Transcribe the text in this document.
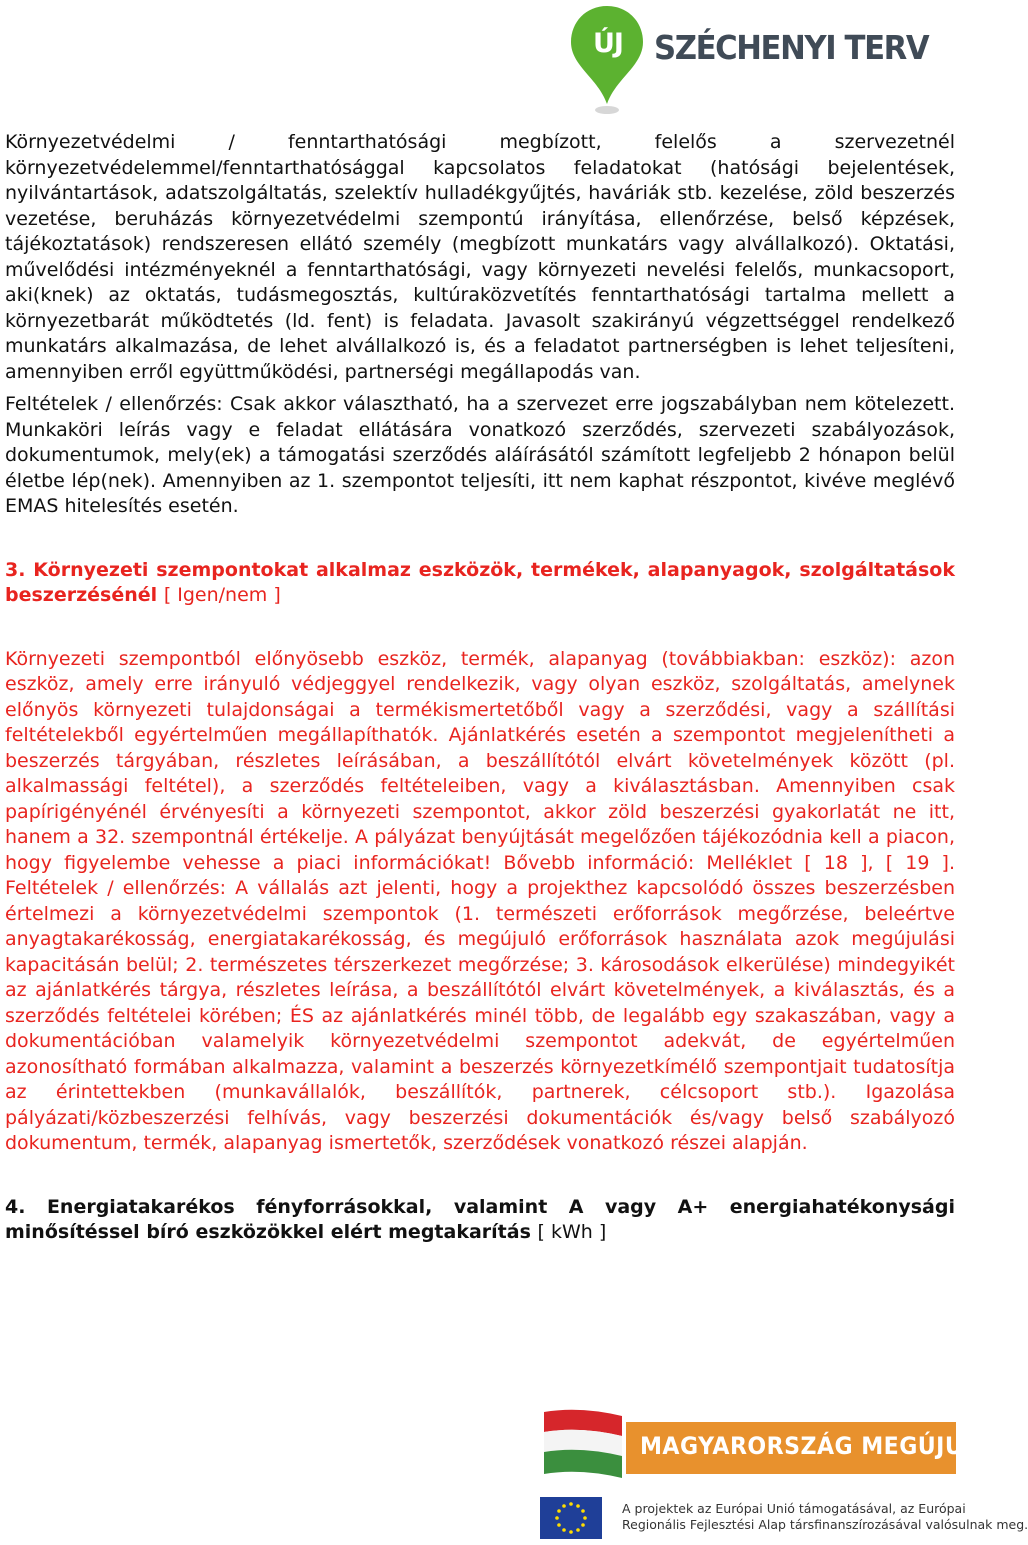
ÚJ SZÉCHENYI TERV

Környezetvédelmi / fenntarthatósági megbízott, felelős a szervezetnél környezetvédelemmel/fenntarthatósággal kapcsolatos feladatokat (hatósági bejelentések, nyilvántartások, adatszolgáltatás, szelektív hulladékgyűjtés, haváriák stb. kezelése, zöld beszerzés vezetése, beruházás környezetvédelmi szempontú irányítása, ellenőrzése, belső képzések, tájékoztatások) rendszeresen ellátó személy (megbízott munkatárs vagy alvállalkozó). Oktatási, művelődési intézményeknél a fenntarthatósági, vagy környezeti nevelési felelős, munkacsoport, aki(knek) az oktatás, tudásmegosztás, kultúraközvetítés fenntarthatósági tartalma mellett a környezetbarát működtetés (ld. fent) is feladata. Javasolt szakirányú végzettséggel rendelkező munkatárs alkalmazása, de lehet alvállalkozó is, és a feladatot partnerségben is lehet teljesíteni, amennyiben erről együttműködési, partnerségi megállapodás van.

Feltételek / ellenőrzés: Csak akkor választható, ha a szervezet erre jogszabályban nem kötelezett. Munkaköri leírás vagy e feladat ellátására vonatkozó szerződés, szervezeti szabályozások, dokumentumok, mely(ek) a támogatási szerződés aláírásától számított legfeljebb 2 hónapon belül életbe lép(nek). Amennyiben az 1. szempontot teljesíti, itt nem kaphat részpontot, kivéve meglévő EMAS hitelesítés esetén.

3. Környezeti szempontokat alkalmaz eszközök, termékek, alapanyagok, szolgáltatások beszerzésénél [ Igen/nem ]

Környezeti szempontból előnyösebb eszköz, termék, alapanyag (továbbiakban: eszköz): azon eszköz, amely erre irányuló védjeggyel rendelkezik, vagy olyan eszköz, szolgáltatás, amelynek előnyös környezeti tulajdonságai a termékismertetőből vagy a szerződési, vagy a szállítási feltételekből egyértelműen megállapíthatók. Ajánlatkérés esetén a szempontot megjelenítheti a beszerzés tárgyában, részletes leírásában, a beszállítótól elvárt követelmények között (pl. alkalmassági feltétel), a szerződés feltételeiben, vagy a kiválasztásban. Amennyiben csak papírigényénél érvényesíti a környezeti szempontot, akkor zöld beszerzési gyakorlatát ne itt, hanem a 32. szempontnál értékelje. A pályázat benyújtását megelőzően tájékozódnia kell a piacon, hogy figyelembe vehesse a piaci információkat! Bővebb információ: Melléklet [ 18 ], [ 19 ]. Feltételek / ellenőrzés: A vállalás azt jelenti, hogy a projekthez kapcsolódó összes beszerzésben értelmezi a környezetvédelmi szempontok (1. természeti erőforrások megőrzése, beleértve anyagtakarékosság, energiatakarékosság, és megújuló erőforrások használata azok megújulási kapacitásán belül; 2. természetes térszerkezet megőrzése; 3. károsodások elkerülése) mindegyikét az ajánlatkérés tárgya, részletes leírása, a beszállítótól elvárt követelmények, a kiválasztás, és a szerződés feltételei körében; ÉS az ajánlatkérés minél több, de legalább egy szakaszában, vagy a dokumentációban valamelyik környezetvédelmi szempontot adekvát, de egyértelműen azonosítható formában alkalmazza, valamint a beszerzés környezetkímélő szempontjait tudatosítja az érintettekben (munkavállalók, beszállítók, partnerek, célcsoport stb.). Igazolása pályázati/közbeszerzési felhívás, vagy beszerzési dokumentációk és/vagy belső szabályozó dokumentum, termék, alapanyag ismertetők, szerződések vonatkozó részei alapján.

4. Energiatakarékos fényforrásokkal, valamint A vagy A+ energiahatékonysági minősítéssel bíró eszközökkel elért megtakarítás [ kWh ]

MAGYARORSZÁG MEGÚJUL
A projektek az Európai Unió támogatásával, az Európai
Regionális Fejlesztési Alap társfinanszírozásával valósulnak meg.
